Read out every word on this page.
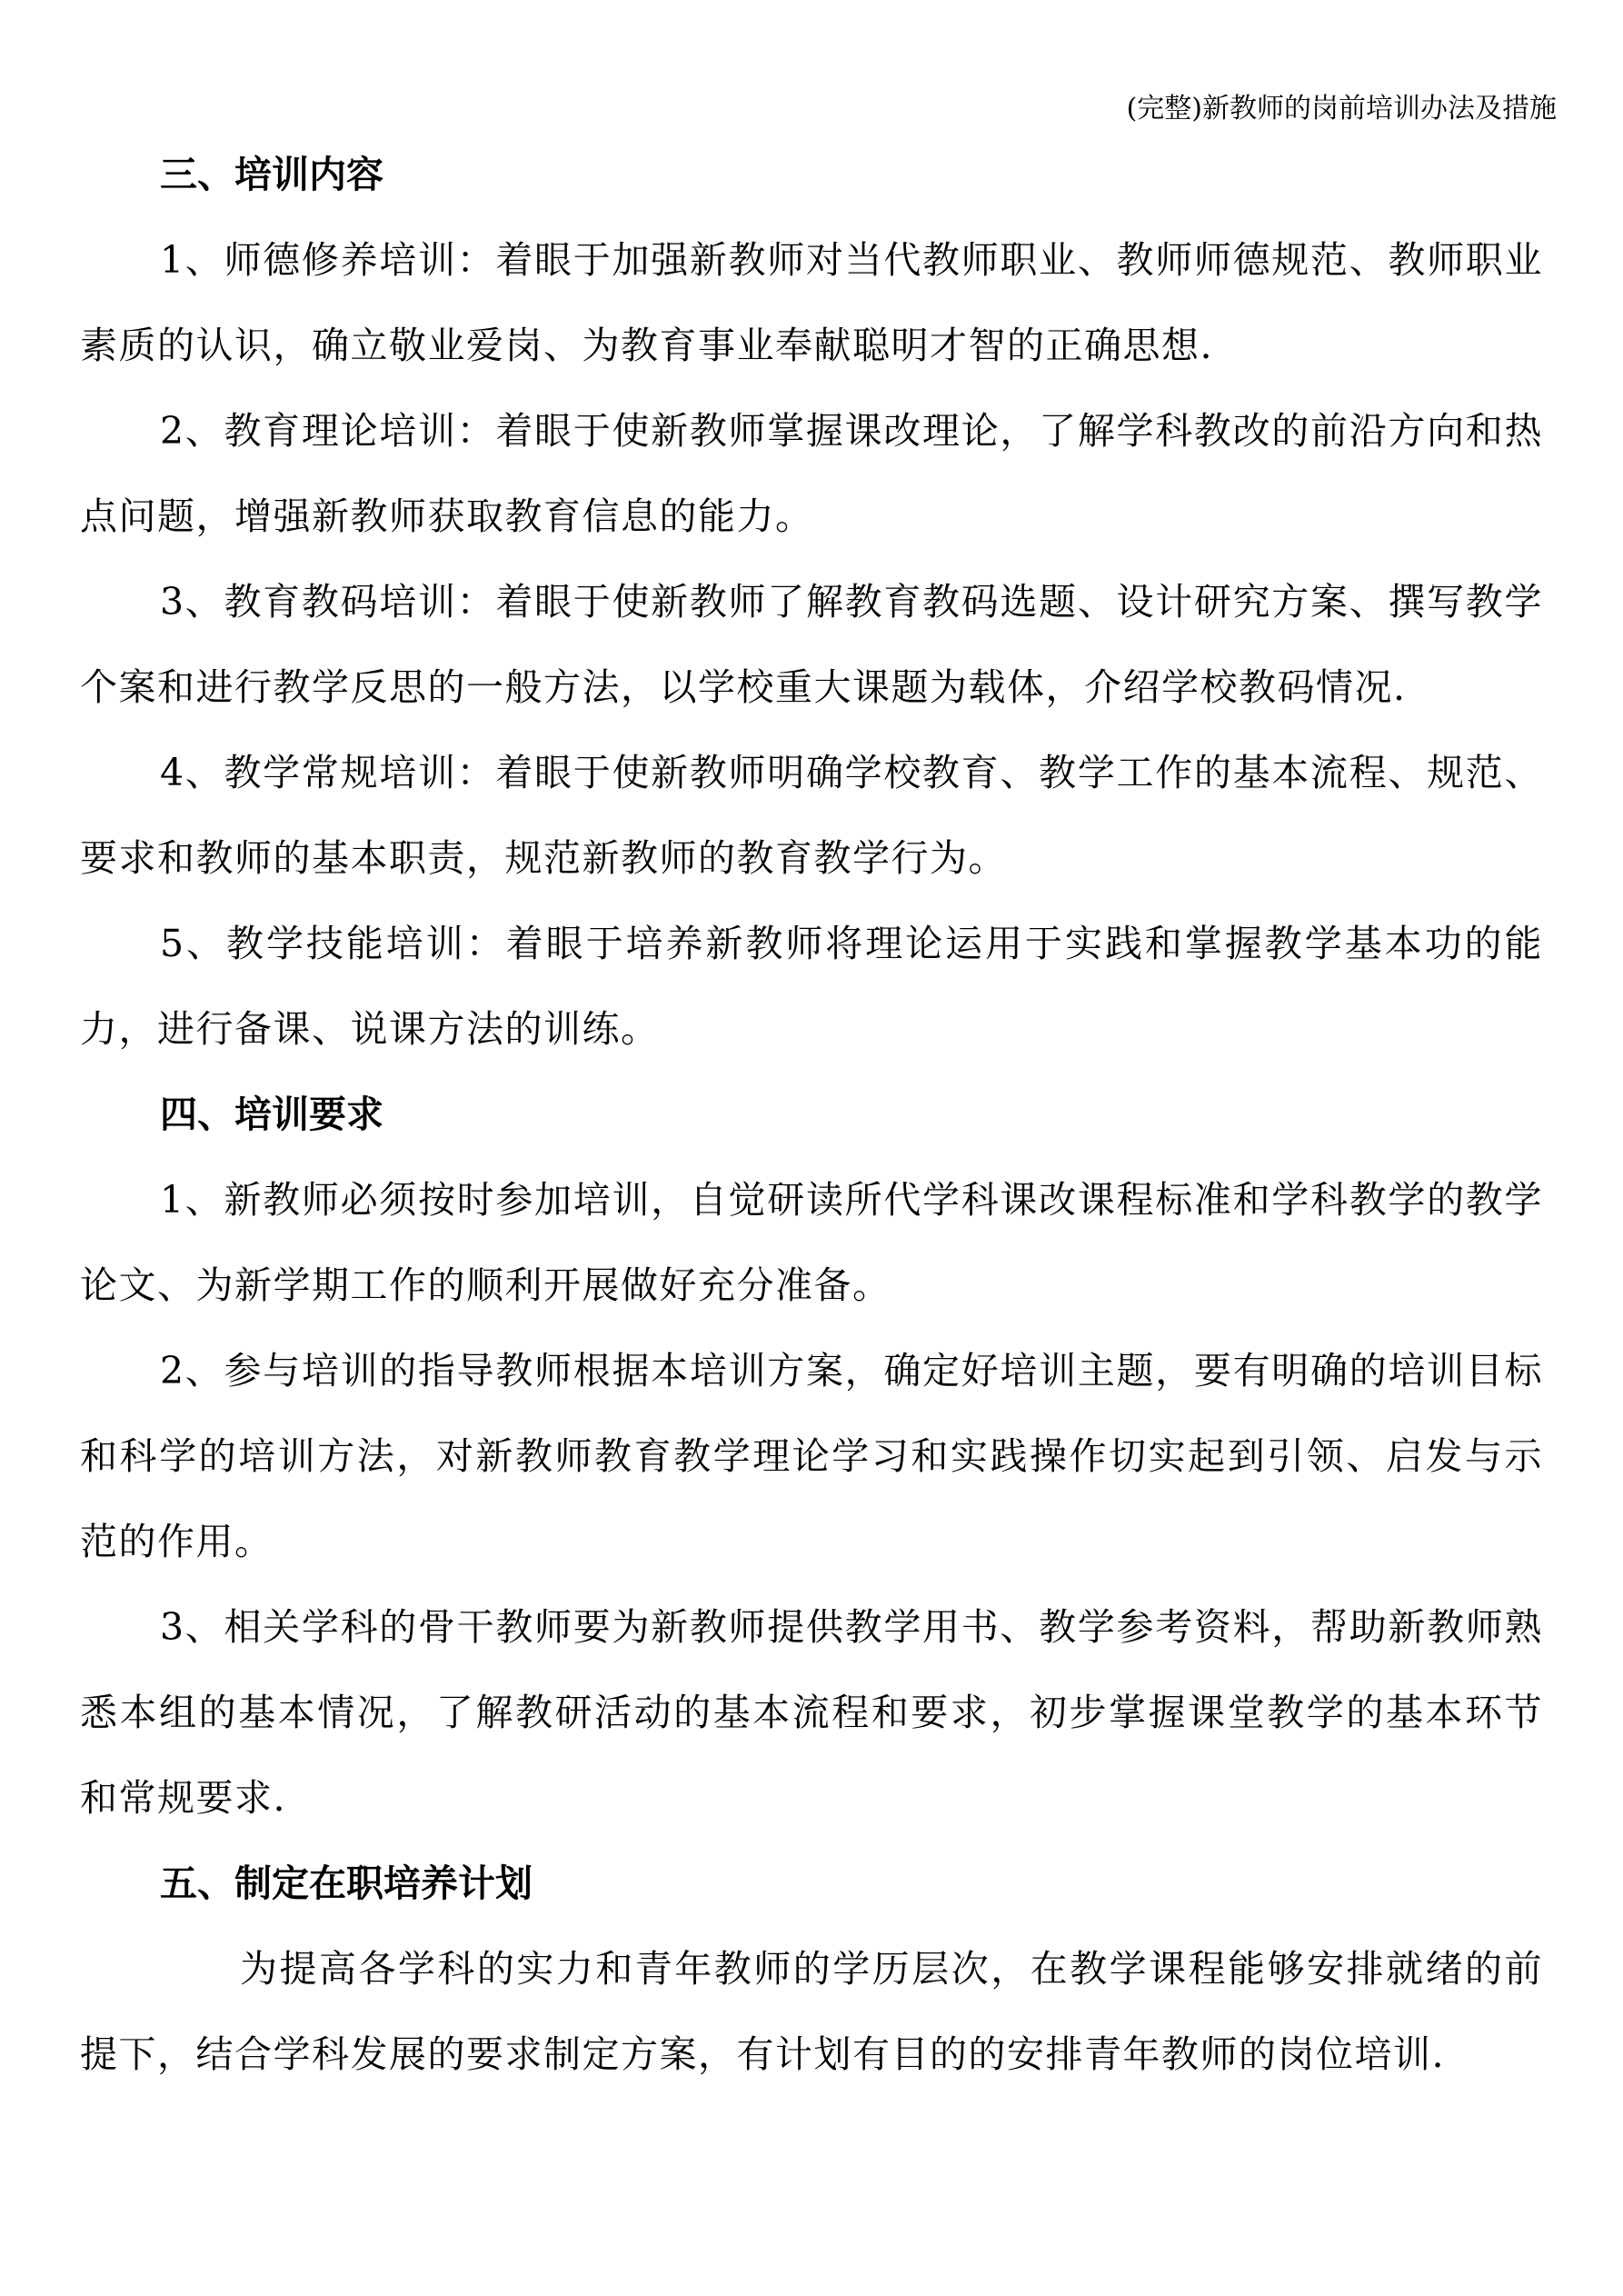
(完整)新教师的岗前培训办法及措施
三、培训内容

1、师德修养培训：着眼于加强新教师对当代教师职业、教师师德规范、教师职业素质的认识，确立敬业爱岗、为教育事业奉献聪明才智的正确思想.

2、教育理论培训：着眼于使新教师掌握课改理论，了解学科教改的前沿方向和热点问题，增强新教师获取教育信息的能力。

3、教育教码培训：着眼于使新教师了解教育教码选题、设计研究方案、撰写教学个案和进行教学反思的一般方法，以学校重大课题为载体，介绍学校教码情况.

4、教学常规培训：着眼于使新教师明确学校教育、教学工作的基本流程、规范、要求和教师的基本职责，规范新教师的教育教学行为。

5、教学技能培训：着眼于培养新教师将理论运用于实践和掌握教学基本功的能力，进行备课、说课方法的训练。

四、培训要求

1、新教师必须按时参加培训，自觉研读所代学科课改课程标准和学科教学的教学论文、为新学期工作的顺利开展做好充分准备。

2、参与培训的指导教师根据本培训方案，确定好培训主题，要有明确的培训目标和科学的培训方法，对新教师教育教学理论学习和实践操作切实起到引领、启发与示范的作用。

3、相关学科的骨干教师要为新教师提供教学用书、教学参考资料，帮助新教师熟悉本组的基本情况，了解教研活动的基本流程和要求，初步掌握课堂教学的基本环节和常规要求.

五、制定在职培养计划

为提高各学科的实力和青年教师的学历层次，在教学课程能够安排就绪的前提下，结合学科发展的要求制定方案，有计划有目的的安排青年教师的岗位培训.
